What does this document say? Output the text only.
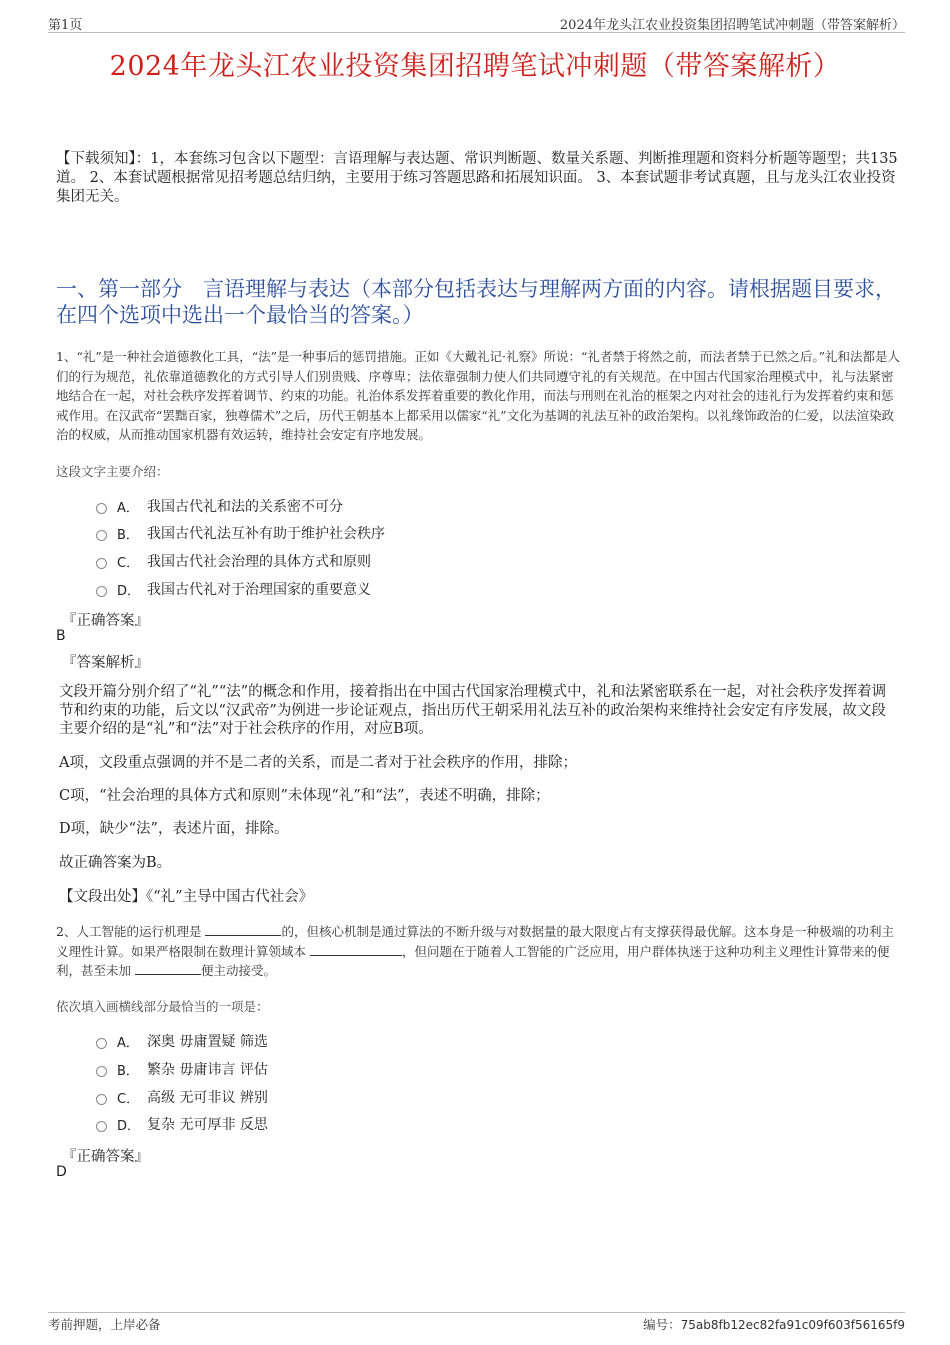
第1页	2024年龙头江农业投资集团招聘笔试冲刺题（带答案解析）
2024年龙头江农业投资集团招聘笔试冲刺题（带答案解析）
【下载须知】：1，本套练习包含以下题型：言语理解与表达题、常识判断题、数量关系题、判断推理题和资料分析题等题型；共135道。 2、本套试题根据常见招考题总结归纳，主要用于练习答题思路和拓展知识面。 3、本套试题非考试真题，且与龙头江农业投资集团无关。
一、第一部分　言语理解与表达（本部分包括表达与理解两方面的内容。请根据题目要求，在四个选项中选出一个最恰当的答案。）
1、“礼”是一种社会道德教化工具，“法”是一种事后的惩罚措施。正如《大戴礼记·礼察》所说：“礼者禁于将然之前，而法者禁于已然之后。”礼和法都是人们的行为规范，礼依靠道德教化的方式引导人们别贵贱、序尊卑；法依靠强制力使人们共同遵守礼的有关规范。在中国古代国家治理模式中，礼与法紧密地结合在一起，对社会秩序发挥着调节、约束的功能。礼治体系发挥着重要的教化作用，而法与刑则在礼治的框架之内对社会的违礼行为发挥着约束和惩戒作用。在汉武帝“罢黜百家，独尊儒术”之后，历代王朝基本上都采用以儒家“礼”文化为基调的礼法互补的政治架构。以礼缘饰政治的仁爱，以法渲染政治的权威，从而推动国家机器有效运转，维持社会安定有序地发展。
这段文字主要介绍：
A． 我国古代礼和法的关系密不可分
B． 我国古代礼法互补有助于维护社会秩序
C． 我国古代社会治理的具体方式和原则
D． 我国古代礼对于治理国家的重要意义
『正确答案』
B
『答案解析』
文段开篇分别介绍了“礼”“法”的概念和作用，接着指出在中国古代国家治理模式中，礼和法紧密联系在一起，对社会秩序发挥着调节和约束的功能，后文以“汉武帝”为例进一步论证观点，指出历代王朝采用礼法互补的政治架构来维持社会安定有序发展，故文段主要介绍的是“礼”和“法”对于社会秩序的作用，对应B项。
A项，文段重点强调的并不是二者的关系，而是二者对于社会秩序的作用，排除；
C项，“社会治理的具体方式和原则”未体现“礼”和“法”，表述不明确，排除；
D项，缺少“法”，表述片面，排除。
故正确答案为B。
【文段出处】《“礼”主导中国古代社会》
2、人工智能的运行机理是	的，但核心机制是通过算法的不断升级与对数据量的最大限度占有支撑获得最优解。这本身是一种极端的功利主义理性计算。如果严格限制在数理计算领域本	，但问题在于随着人工智能的广泛应用，用户群体执迷于这种功利主义理性计算带来的便利，甚至未加	便主动接受。
依次填入画横线部分最恰当的一项是：
A． 深奥 毋庸置疑 筛选
B． 繁杂 毋庸讳言 评估
C． 高级 无可非议 辨别
D． 复杂 无可厚非 反思
『正确答案』
D
考前押题，上岸必备	编号：75ab8fb12ec82fa91c09f603f56165f9
